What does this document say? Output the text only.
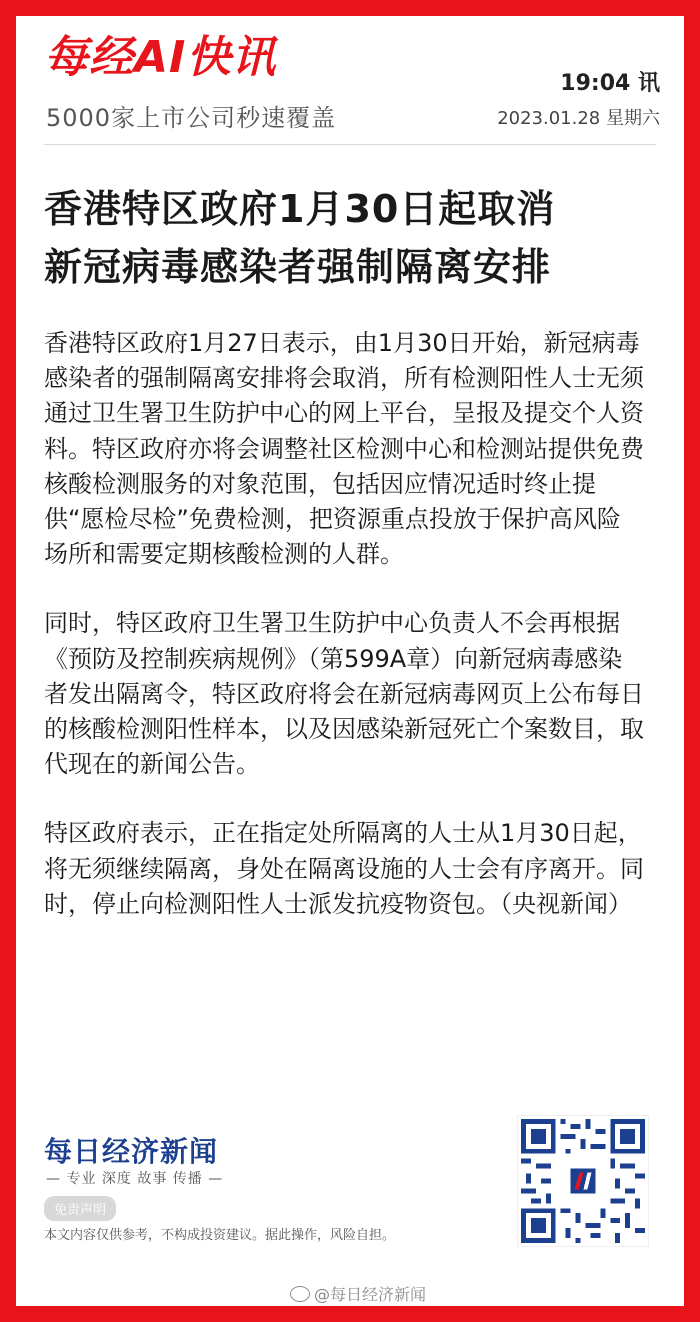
每经AI快讯
5000家上市公司秒速覆盖
19:04 讯
2023.01.28 星期六
香港特区政府1月30日起取消
新冠病毒感染者强制隔离安排

香港特区政府1月27日表示，由1月30日开始，新冠病毒感染者的强制隔离安排将会取消，所有检测阳性人士无须通过卫生署卫生防护中心的网上平台，呈报及提交个人资料。特区政府亦将会调整社区检测中心和检测站提供免费核酸检测服务的对象范围，包括因应情况适时终止提供“愿检尽检”免费检测，把资源重点投放于保护高风险场所和需要定期核酸检测的人群。

同时，特区政府卫生署卫生防护中心负责人不会再根据《预防及控制疾病规例》（第599A章）向新冠病毒感染者发出隔离令，特区政府将会在新冠病毒网页上公布每日的核酸检测阳性样本，以及因感染新冠死亡个案数目，取代现在的新闻公告。

特区政府表示，正在指定处所隔离的人士从1月30日起，将无须继续隔离，身处在隔离设施的人士会有序离开。同时，停止向检测阳性人士派发抗疫物资包。（央视新闻）

每日经济新闻
— 专业 深度 故事 传播 —
免责声明
本文内容仅供参考，不构成投资建议。据此操作，风险自担。
@每日经济新闻
